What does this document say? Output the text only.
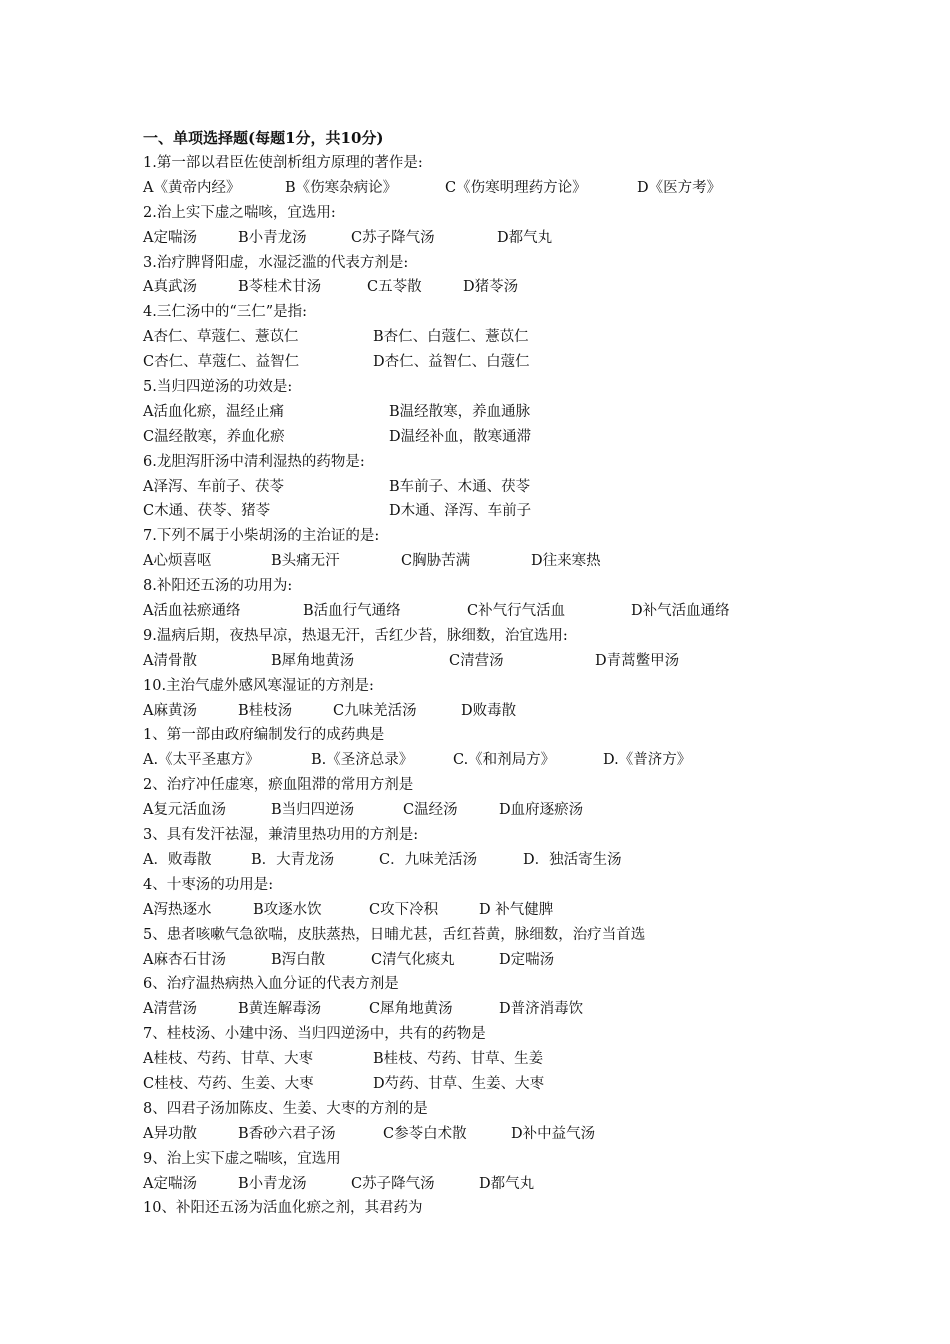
一、单项选择题(每题1分，共10分)
1.第一部以君臣佐使剖析组方原理的著作是:
A《黄帝内经》	B《伤寒杂病论》	C《伤寒明理药方论》	D《医方考》
2.治上实下虚之喘咳，宜选用:
A定喘汤	B小青龙汤	C苏子降气汤	D都气丸
3.治疗脾肾阳虚，水湿泛滥的代表方剂是:
A真武汤	B苓桂术甘汤	C五苓散	D猪苓汤
4.三仁汤中的“三仁”是指:
A杏仁、草蔻仁、薏苡仁	B杏仁、白蔻仁、薏苡仁
C杏仁、草蔻仁、益智仁	D杏仁、益智仁、白蔻仁
5.当归四逆汤的功效是:
A活血化瘀，温经止痛	B温经散寒，养血通脉
C温经散寒，养血化瘀	D温经补血，散寒通滞
6.龙胆泻肝汤中清利湿热的药物是:
A泽泻、车前子、茯苓	B车前子、木通、茯苓
C木通、茯苓、猪苓	D木通、泽泻、车前子
7.下列不属于小柴胡汤的主治证的是:
A心烦喜呕	B头痛无汗	C胸胁苦满	D往来寒热
8.补阳还五汤的功用为:
A活血祛瘀通络	B活血行气通络	C补气行气活血	D补气活血通络
9.温病后期，夜热早凉，热退无汗，舌红少苔，脉细数，治宜选用:
A清骨散	B犀角地黄汤	C清营汤	D青蒿鳖甲汤
10.主治气虚外感风寒湿证的方剂是:
A麻黄汤	B桂枝汤	C九味羌活汤	D败毒散
1、第一部由政府编制发行的成药典是
A.《太平圣惠方》	B.《圣济总录》	C.《和剂局方》	D.《普济方》
2、治疗冲任虚寒，瘀血阻滞的常用方剂是
A复元活血汤	B当归四逆汤	C温经汤	D血府逐瘀汤
3、具有发汗祛湿，兼清里热功用的方剂是:
A．败毒散	B．大青龙汤	C．九味羌活汤	D．独活寄生汤
4、十枣汤的功用是:
A泻热逐水	B攻逐水饮	C攻下冷积	D 补气健脾
5、患者咳嗽气急欲喘，皮肤蒸热，日晡尤甚，舌红苔黄，脉细数，治疗当首选
A麻杏石甘汤	B泻白散	C清气化痰丸	D定喘汤
6、治疗温热病热入血分证的代表方剂是
A清营汤	B黄连解毒汤	C犀角地黄汤	D普济消毒饮
7、桂枝汤、小建中汤、当归四逆汤中，共有的药物是
A桂枝、芍药、甘草、大枣	B桂枝、芍药、甘草、生姜
C桂枝、芍药、生姜、大枣	D芍药、甘草、生姜、大枣
8、四君子汤加陈皮、生姜、大枣的方剂的是
A异功散	B香砂六君子汤	C参苓白术散	D补中益气汤
9、治上实下虚之喘咳，宜选用
A定喘汤	B小青龙汤	C苏子降气汤	D都气丸
10、补阳还五汤为活血化瘀之剂，其君药为
